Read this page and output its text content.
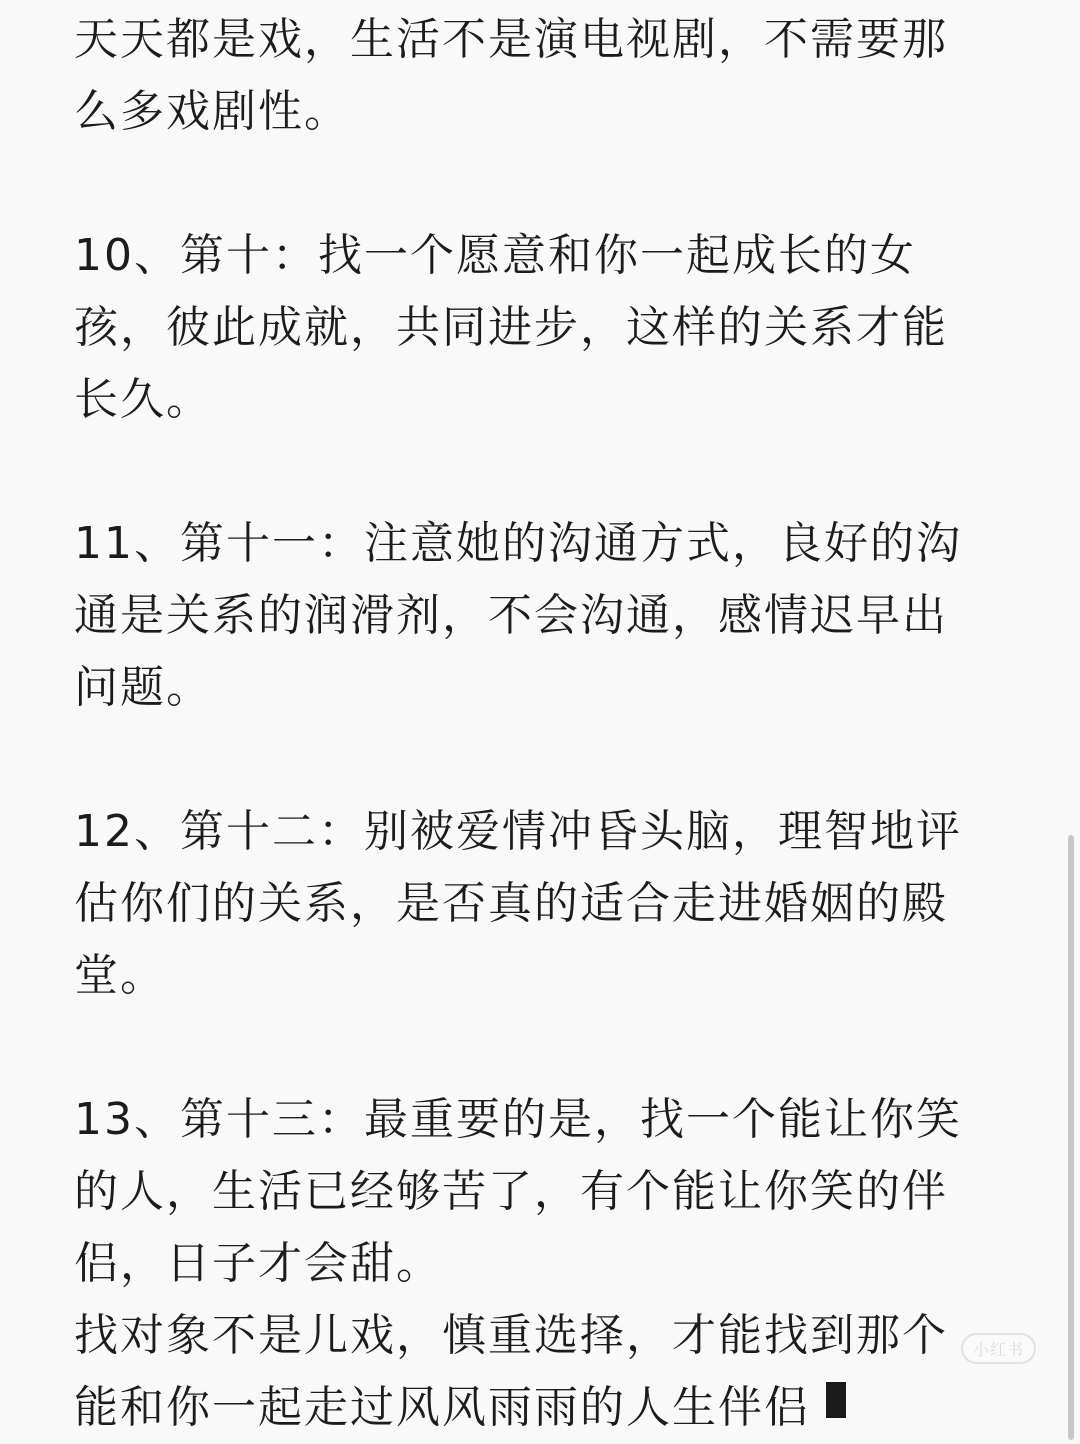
天天都是戏，生活不是演电视剧，不需要那么多戏剧性。

10、第十：找一个愿意和你一起成长的女孩，彼此成就，共同进步，这样的关系才能长久。

11、第十一：注意她的沟通方式，良好的沟通是关系的润滑剂，不会沟通，感情迟早出问题。

12、第十二：别被爱情冲昏头脑，理智地评估你们的关系，是否真的适合走进婚姻的殿堂。

13、第十三：最重要的是，找一个能让你笑的人，生活已经够苦了，有个能让你笑的伴侣，日子才会甜。

找对象不是儿戏，慎重选择，才能找到那个能和你一起走过风风雨雨的人生伴侣

小红书
